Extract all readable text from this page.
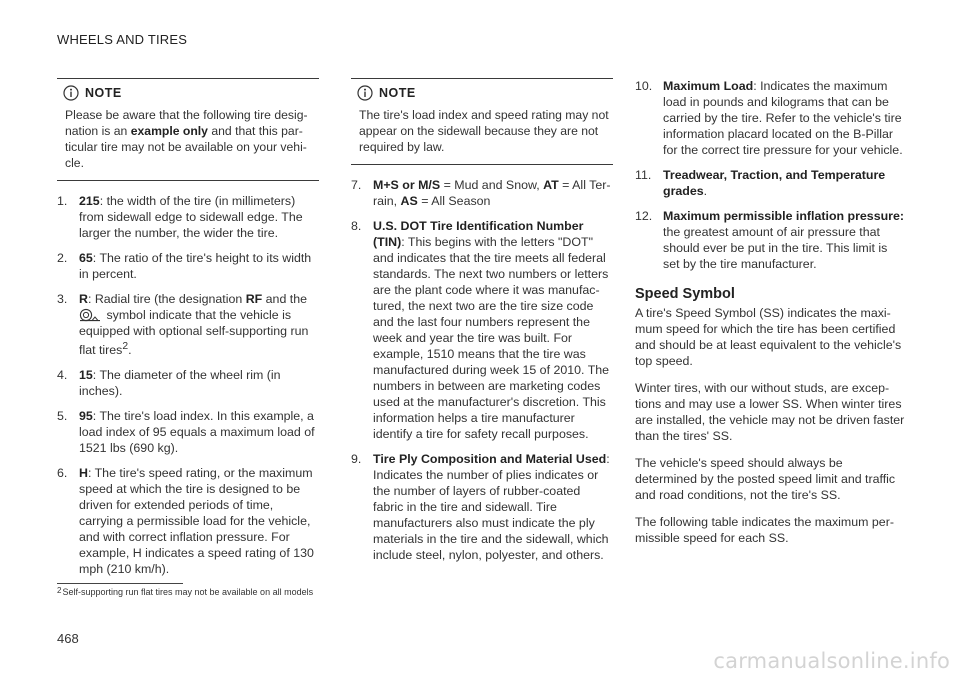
WHEELS AND TIRES
NOTE
Please be aware that the following tire designation is an example only and that this particular tire may not be available on your vehicle.
1. 215: the width of the tire (in millimeters) from sidewall edge to sidewall edge. The larger the number, the wider the tire.
2. 65: The ratio of the tire's height to its width in percent.
3. R: Radial tire (the designation RF and the
symbol indicate that the vehicle is equipped with optional self-supporting run flat tires$^2$.
4. 15: The diameter of the wheel rim (in inches).
5. 95: The tire's load index. In this example, a load index of 95 equals a maximum load of 1521 lbs (690 kg).
6. H: The tire's speed rating, or the maximum speed at which the tire is designed to be driven for extended periods of time, carrying a permissible load for the vehicle, and with correct inflation pressure. For example, H indicates a speed rating of 130 mph (210 km/h).
NOTE
The tire's load index and speed rating may not appear on the sidewall because they are not required by law.
7. M+S or M/S = Mud and Snow, AT = All Terrain, AS = All Season
8. U.S. DOT Tire Identification Number (TIN): This begins with the letters "DOT" and indicates that the tire meets all federal standards. The next two numbers or letters are the plant code where it was manufactured, the next two are the tire size code and the last four numbers represent the week and year the tire was built. For example, 1510 means that the tire was manufactured during week 15 of 2010. The numbers in between are marketing codes used at the manufacturer's discretion. This information helps a tire manufacturer identify a tire for safety recall purposes.
9. Tire Ply Composition and Material Used: Indicates the number of plies indicates or the number of layers of rubber-coated fabric in the tire and sidewall. Tire manufacturers also must indicate the ply materials in the tire and the sidewall, which include steel, nylon, polyester, and others.
10. Maximum Load: Indicates the maximum load in pounds and kilograms that can be carried by the tire. Refer to the vehicle's tire information placard located on the B-Pillar for the correct tire pressure for your vehicle.
11. Treadwear, Traction, and Temperature grades.
12. Maximum permissible inflation pressure: the greatest amount of air pressure that should ever be put in the tire. This limit is set by the tire manufacturer.
Speed Symbol

A tire's Speed Symbol (SS) indicates the maximum speed for which the tire has been certified and should be at least equivalent to the vehicle's top speed.

Winter tires, with our without studs, are exceptions and may use a lower SS. When winter tires are installed, the vehicle may not be driven faster than the tires' SS.

The vehicle's speed should always be determined by the posted speed limit and traffic and road conditions, not the tire's SS.

The following table indicates the maximum permissible speed for each SS.

$^2$Self-supporting run flat tires may not be available on all models
468
carmanualsonline.info
